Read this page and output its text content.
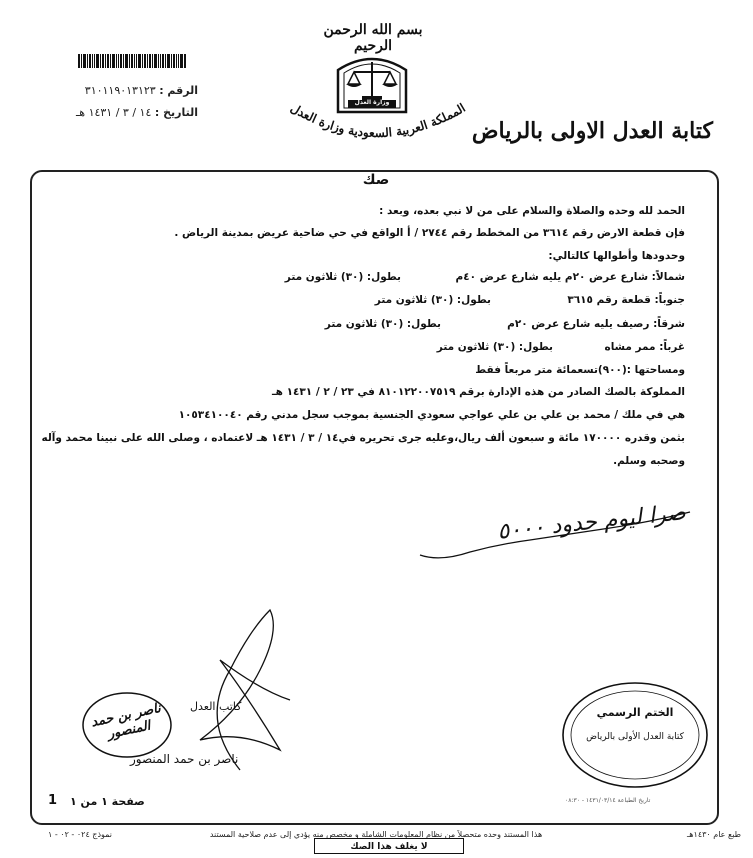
الرقم : ٣١٠١١٩٠١٣١٢٣
التاريخ : ١٤ / ٣ / ١٤٣١ هـ
بسم الله الرحمن الرحيم
وزارة العدل
المملكة العربية السعودية وزارة العدل
كتابة العدل الاولى بالرياض
صك
الحمد لله وحده والصلاة والسلام على من لا نبي بعده، وبعد :
فإن قطعة الارض رقم ٣٦١٤ من المخطط رقم ٢٧٤٤ / أ الواقع في حي ضاحية عريض بمدينة الرياض .
وحدودها وأطوالها كالتالي:
شمالاً: شارع عرض ٢٠م يليه شارع عرض ٤٠م
بطول: (٣٠) ثلاثون متر
جنوباً: قطعة رقم ٣٦١٥
بطول: (٣٠) ثلاثون متر
شرقاً: رصيف يليه شارع عرض ٢٠م
بطول: (٣٠) ثلاثون متر
غرباً: ممر مشاه
بطول: (٣٠) ثلاثون متر
ومساحتها :(٩٠٠)تسعمائة متر مربعاً فقط
المملوكة بالصك الصادر من هذه الإدارة برقم ٨١٠١٢٢٠٠٧٥١٩ في ٢٣ / ٢ / ١٤٣١ هـ
هي في ملك / محمد بن علي بن علي عواجي سعودي الجنسية بموجب سجل مدني رقم ١٠٥٣٤١٠٠٤٠
بثمن وقدره ١٧٠٠٠٠ مائة و سبعون ألف ريال،وعليه جرى تحريره في١٤ / ٣ / ١٤٣١ هـ لاعتماده ، وصلى الله على نبينا محمد وآله
وصحبه وسلم.
صرا ليوم حدود ٥٠٠٠
كاتب العدل
ناصر بن حمد المنصور
ناصر بن حمد المنصور
الختم الرسمي
كتابة العدل الأولى بالرياض
1 صفحة ١ من ١	تاريخ الطباعة ١٤٣١/٠٣/١٤ - ٠٨:٣٠
طبع عام ١٤٣٠هـ
نموذج ٠٢٤ - ٠٢ - ١	هذا المستند وحده متحصلاً من نظام المعلومات الشاملة و مخصص منه يؤدي إلى عدم صلاحية المستند
لا يغلف هذا الصك
